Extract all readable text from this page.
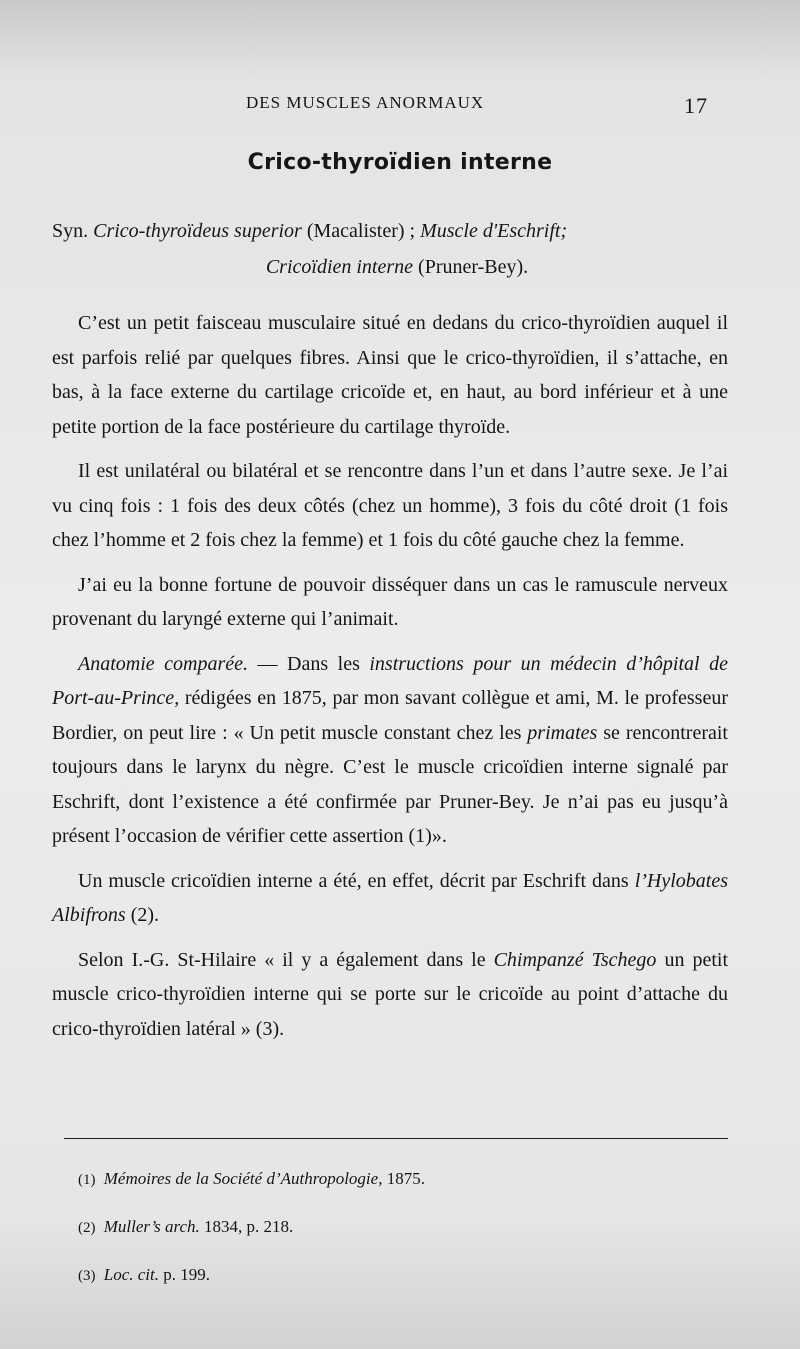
DES MUSCLES ANORMAUX	17
Crico-thyroïdien interne
Syn. Crico-thyroïdeus superior (Macalister) ; Muscle d'Eschrift;
Cricoïdien interne (Pruner-Bey).

C’est un petit faisceau musculaire situé en dedans du crico-thyroïdien auquel il est parfois relié par quelques fibres. Ainsi que le crico-thyroïdien, il s’attache, en bas, à la face externe du cartilage cricoïde et, en haut, au bord inférieur et à une petite portion de la face postérieure du cartilage thyroïde.

Il est unilatéral ou bilatéral et se rencontre dans l’un et dans l’autre sexe. Je l’ai vu cinq fois : 1 fois des deux côtés (chez un homme), 3 fois du côté droit (1 fois chez l’homme et 2 fois chez la femme) et 1 fois du côté gauche chez la femme.

J’ai eu la bonne fortune de pouvoir disséquer dans un cas le ramuscule nerveux provenant du laryngé externe qui l’animait.

Anatomie comparée. — Dans les instructions pour un médecin d’hôpital de Port-au-Prince, rédigées en 1875, par mon savant collègue et ami, M. le professeur Bordier, on peut lire : « Un petit muscle constant chez les primates se rencontrerait toujours dans le larynx du nègre. C’est le muscle cricoïdien interne signalé par Eschrift, dont l’existence a été confirmée par Pruner-Bey. Je n’ai pas eu jusqu’à présent l’occasion de vérifier cette assertion (1)».

Un muscle cricoïdien interne a été, en effet, décrit par Eschrift dans l’Hylobates Albifrons (2).

Selon I.-G. St-Hilaire « il y a également dans le Chimpanzé Tschego un petit muscle crico-thyroïdien interne qui se porte sur le cricoïde au point d’attache du crico-thyroïdien latéral » (3).

(1) Mémoires de la Société d’Authropologie, 1875.
(2) Muller’s arch. 1834, p. 218.
(3) Loc. cit. p. 199.
